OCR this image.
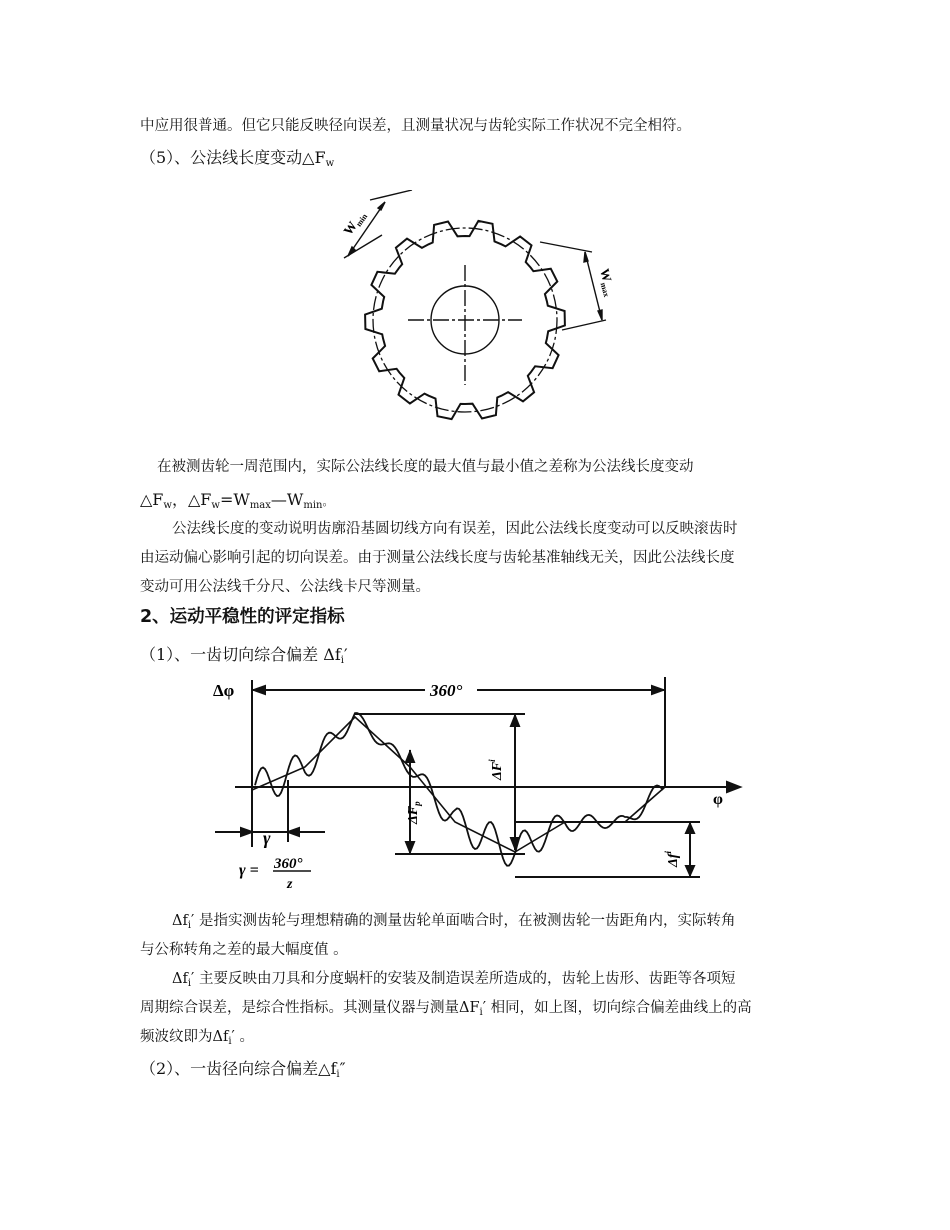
中应用很普通。但它只能反映径向误差，且测量状况与齿轮实际工作状况不完全相符。
（5）、公法线长度变动$\triangle F_w$
$W_{min}$
$W_{max}$
在被测齿轮一周范围内，实际公法线长度的最大值与最小值之差称为公法线长度变动
$\triangle F_w$，$\triangle F_w=W_{max}—W_{min}$。
公法线长度的变动说明齿廓沿基圆切线方向有误差，因此公法线长度变动可以反映滚齿时
由运动偏心影响引起的切向误差。由于测量公法线长度与齿轮基准轴线无关，因此公法线长度
变动可用公法线千分尺、公法线卡尺等测量。
2、运动平稳性的评定指标
（1）、一齿切向综合偏差 $\Delta f_i'$
Δφ
φ
360°
$\Delta F^i$
$\Delta F_p$
$\Delta f^i$
γ
γ = 360°
z
$\Delta f_i'$ 是指实测齿轮与理想精确的测量齿轮单面啮合时，在被测齿轮一齿距角内，实际转角
与公称转角之差的最大幅度值 。
$\Delta f_i'$ 主要反映由刀具和分度蜗杆的安装及制造误差所造成的，齿轮上齿形、齿距等各项短
周期综合误差，是综合性指标。其测量仪器与测量$\Delta F_i'$ 相同，如上图，切向综合偏差曲线上的高
频波纹即为$\Delta f_i'$ 。
（2）、一齿径向综合偏差$\triangle f_i''$
